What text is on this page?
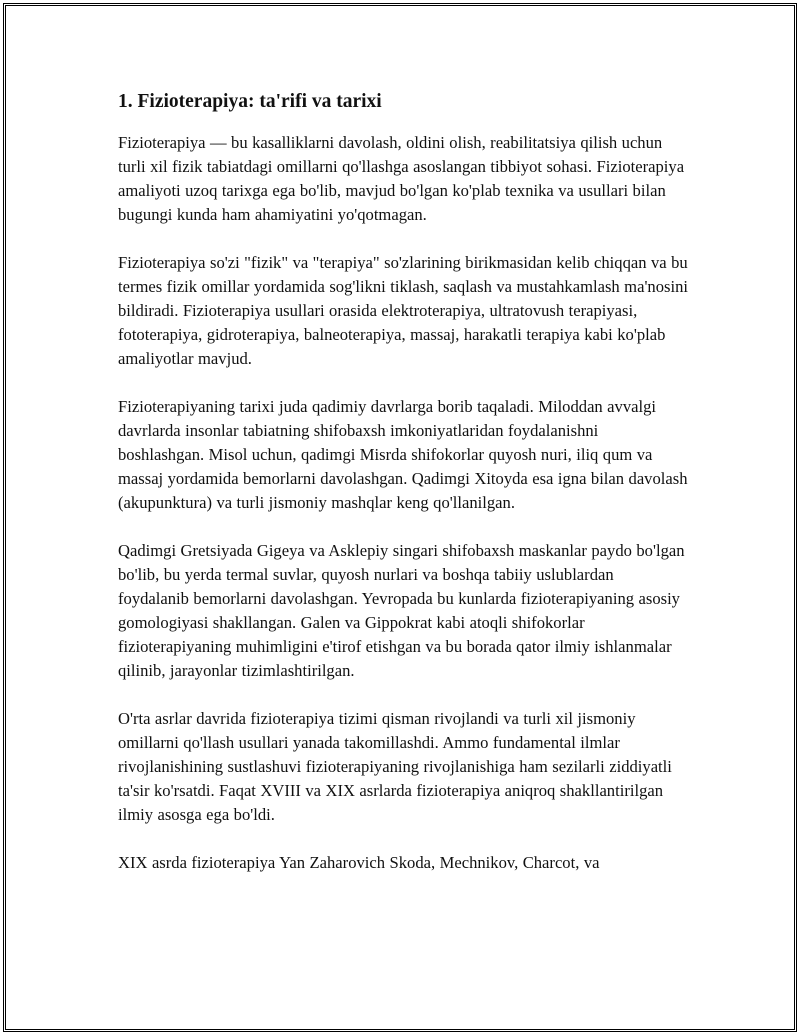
1. Fizioterapiya: ta'rifi va tarixi

Fizioterapiya — bu kasalliklarni davolash, oldini olish, reabilitatsiya qilish uchun turli xil fizik tabiatdagi omillarni qo'llashga asoslangan tibbiyot sohasi. Fizioterapiya amaliyoti uzoq tarixga ega bo'lib, mavjud bo'lgan ko'plab texnika va usullari bilan bugungi kunda ham ahamiyatini yo'qotmagan.

Fizioterapiya so'zi "fizik" va "terapiya" so'zlarining birikmasidan kelib chiqqan va bu termes fizik omillar yordamida sog'likni tiklash, saqlash va mustahkamlash ma'nosini bildiradi. Fizioterapiya usullari orasida elektroterapiya, ultratovush terapiyasi, fototerapiya, gidroterapiya, balneoterapiya, massaj, harakatli terapiya kabi ko'plab amaliyotlar mavjud.

Fizioterapiyaning tarixi juda qadimiy davrlarga borib taqaladi. Miloddan avvalgi davrlarda insonlar tabiatning shifobaxsh imkoniyatlaridan foydalanishni boshlashgan. Misol uchun, qadimgi Misrda shifokorlar quyosh nuri, iliq qum va massaj yordamida bemorlarni davolashgan. Qadimgi Xitoyda esa igna bilan davolash (akupunktura) va turli jismoniy mashqlar keng qo'llanilgan.

Qadimgi Gretsiyada Gigeya va Asklepiy singari shifobaxsh maskanlar paydo bo'lgan bo'lib, bu yerda termal suvlar, quyosh nurlari va boshqa tabiiy uslublardan foydalanib bemorlarni davolashgan. Yevropada bu kunlarda fizioterapiyaning asosiy gomologiyasi shakllangan. Galen va Gippokrat kabi atoqli shifokorlar fizioterapiyaning muhimligini e'tirof etishgan va bu borada qator ilmiy ishlanmalar qilinib, jarayonlar tizimlashtirilgan.

O'rta asrlar davrida fizioterapiya tizimi qisman rivojlandi va turli xil jismoniy omillarni qo'llash usullari yanada takomillashdi. Ammo fundamental ilmlar rivojlanishining sustlashuvi fizioterapiyaning rivojlanishiga ham sezilarli ziddiyatli ta'sir ko'rsatdi. Faqat XVIII va XIX asrlarda fizioterapiya aniqroq shakllantirilgan ilmiy asosga ega bo'ldi.

XIX asrda fizioterapiya Yan Zaharovich Skoda, Mechnikov, Charcot, va
